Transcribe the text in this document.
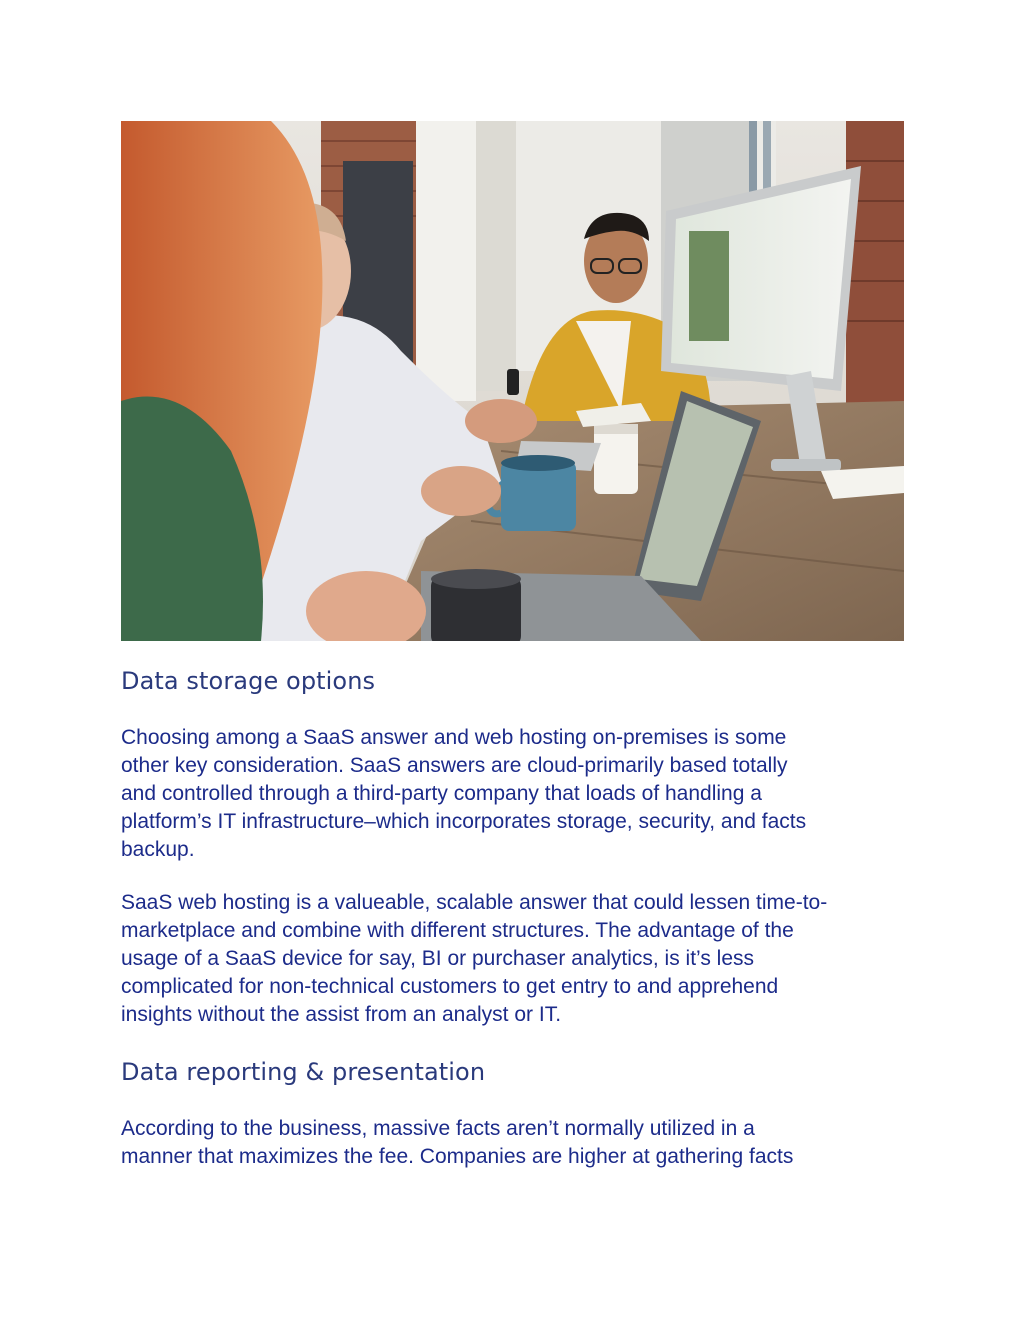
Data storage options

Choosing among a SaaS answer and web hosting on-premises is some
other key consideration. SaaS answers are cloud-primarily based totally
and controlled through a third-party company that loads of handling a
platform’s IT infrastructure–which incorporates storage, security, and facts
backup.

SaaS web hosting is a valueable, scalable answer that could lessen time-to-
marketplace and combine with different structures. The advantage of the
usage of a SaaS device for say, BI or purchaser analytics, is it’s less
complicated for non-technical customers to get entry to and apprehend
insights without the assist from an analyst or IT.

Data reporting & presentation

According to the business, massive facts aren’t normally utilized in a
manner that maximizes the fee. Companies are higher at gathering facts
